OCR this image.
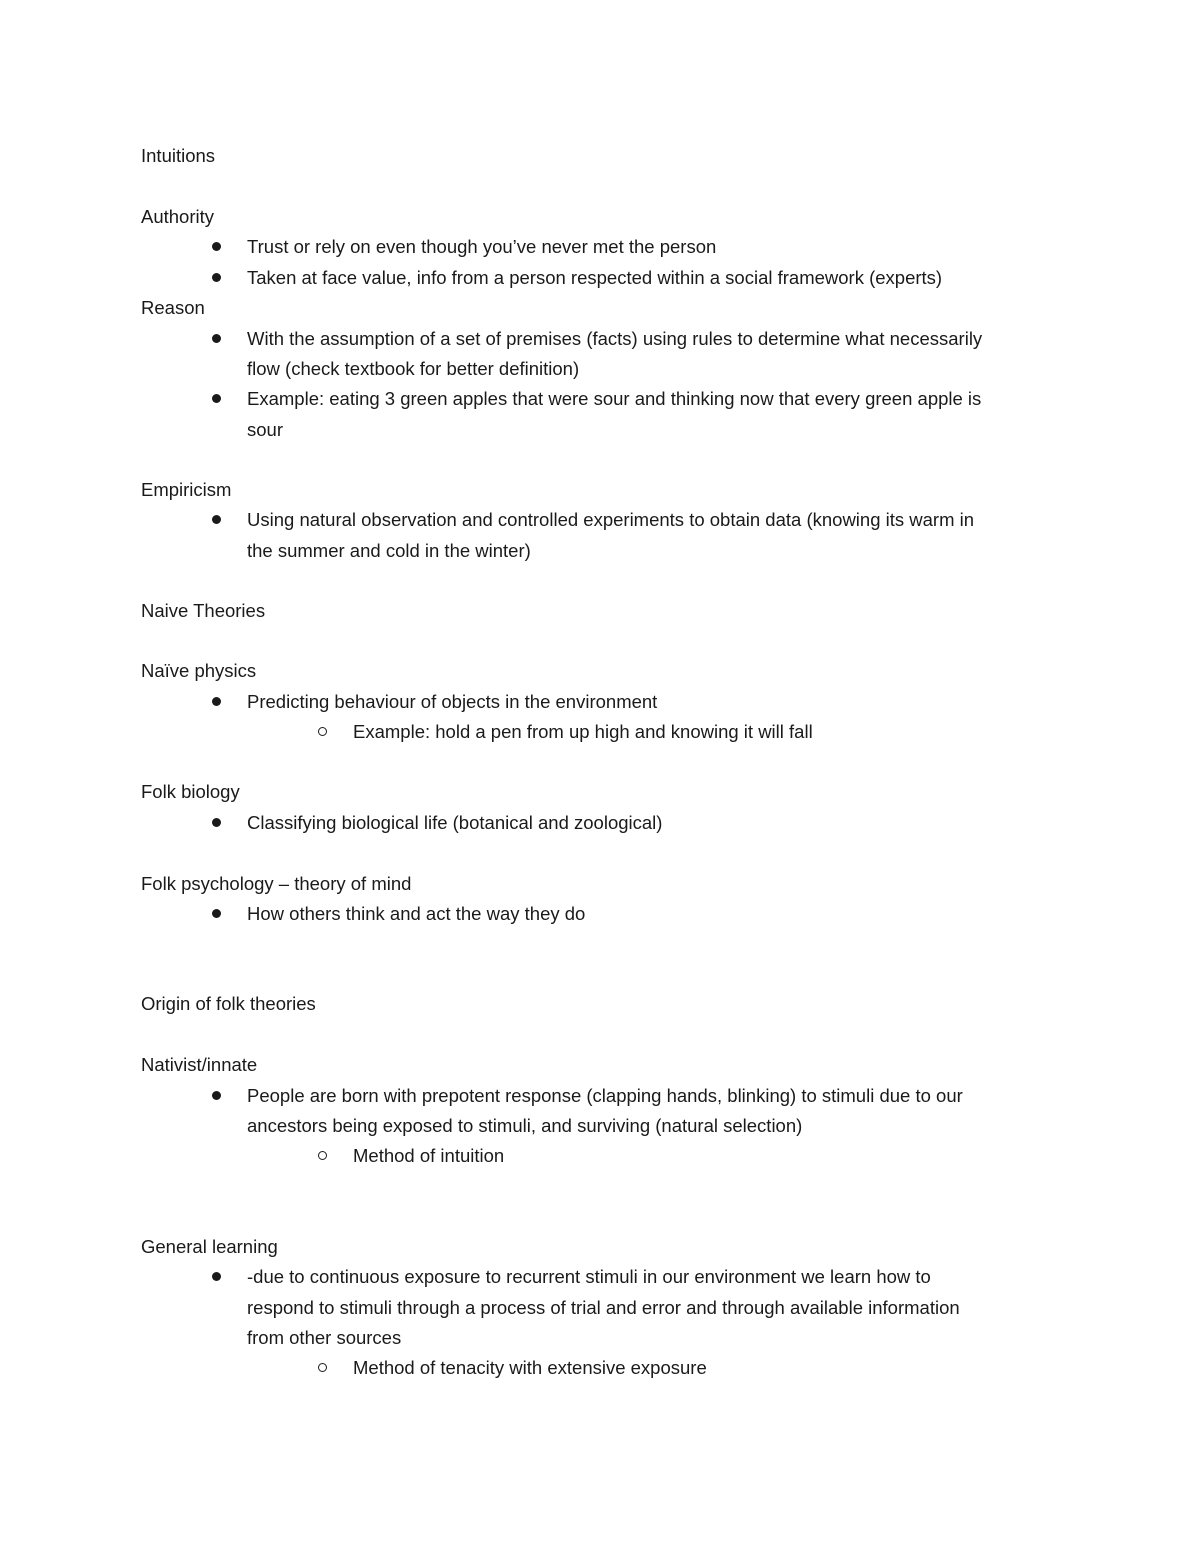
Intuitions
Authority
Trust or rely on even though you’ve never met the person
Taken at face value, info from a person respected within a social framework (experts)
Reason
With the assumption of a set of premises (facts) using rules to determine what necessarily
flow (check textbook for better definition)
Example: eating 3 green apples that were sour and thinking now that every green apple is
sour
Empiricism
Using natural observation and controlled experiments to obtain data (knowing its warm in
the summer and cold in the winter)
Naive Theories
Naïve physics
Predicting behaviour of objects in the environment
Example: hold a pen from up high and knowing it will fall
Folk biology
Classifying biological life (botanical and zoological)
Folk psychology – theory of mind
How others think and act the way they do
Origin of folk theories
Nativist/innate
People are born with prepotent response (clapping hands, blinking) to stimuli due to our
ancestors being exposed to stimuli, and surviving (natural selection)
Method of intuition
General learning
-due to continuous exposure to recurrent stimuli in our environment we learn how to
respond to stimuli through a process of trial and error and through available information
from other sources
Method of tenacity with extensive exposure
